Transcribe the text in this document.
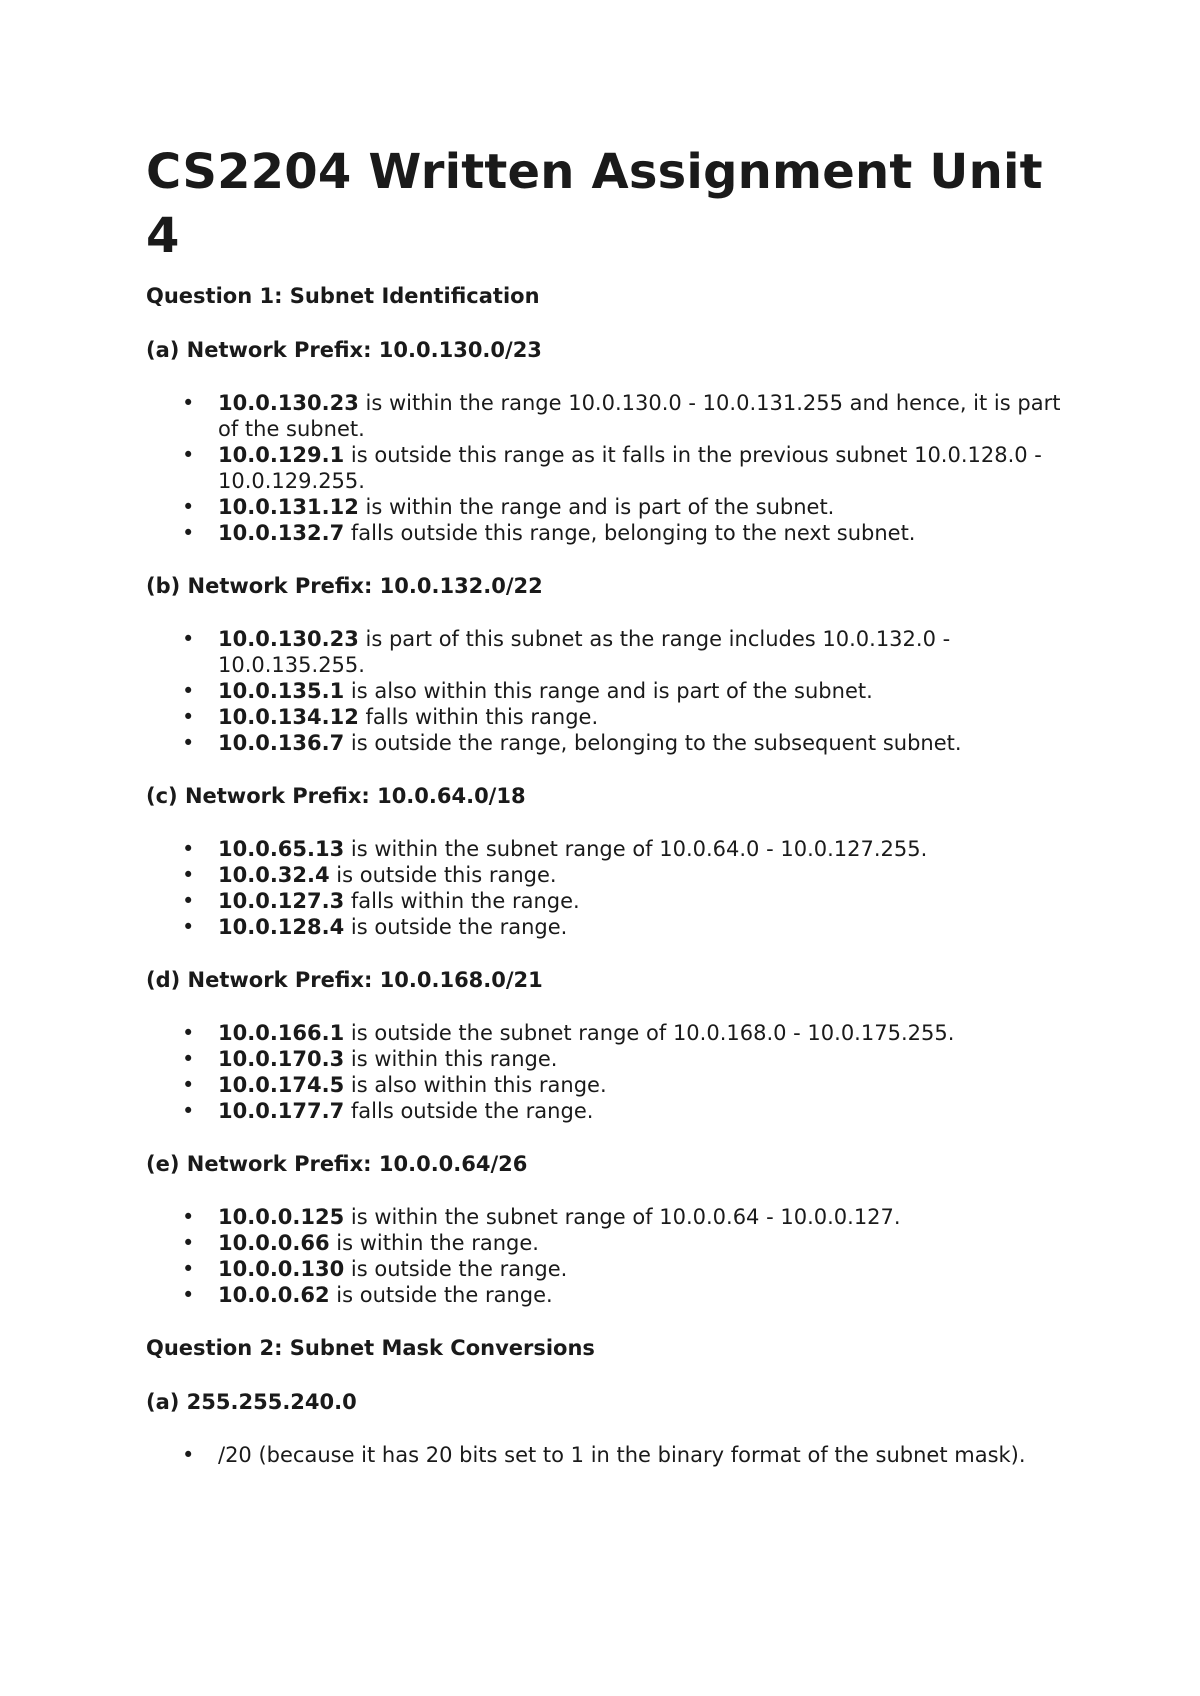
CS2204 Written Assignment Unit 4
Question 1: Subnet Identification
(a) Network Prefix: 10.0.130.0/23
• 10.0.130.23 is within the range 10.0.130.0 - 10.0.131.255 and hence, it is part of the subnet.
• 10.0.129.1 is outside this range as it falls in the previous subnet 10.0.128.0 - 10.0.129.255.
• 10.0.131.12 is within the range and is part of the subnet.
• 10.0.132.7 falls outside this range, belonging to the next subnet.
(b) Network Prefix: 10.0.132.0/22
• 10.0.130.23 is part of this subnet as the range includes 10.0.132.0 - 10.0.135.255.
• 10.0.135.1 is also within this range and is part of the subnet.
• 10.0.134.12 falls within this range.
• 10.0.136.7 is outside the range, belonging to the subsequent subnet.
(c) Network Prefix: 10.0.64.0/18
• 10.0.65.13 is within the subnet range of 10.0.64.0 - 10.0.127.255.
• 10.0.32.4 is outside this range.
• 10.0.127.3 falls within the range.
• 10.0.128.4 is outside the range.
(d) Network Prefix: 10.0.168.0/21
• 10.0.166.1 is outside the subnet range of 10.0.168.0 - 10.0.175.255.
• 10.0.170.3 is within this range.
• 10.0.174.5 is also within this range.
• 10.0.177.7 falls outside the range.
(e) Network Prefix: 10.0.0.64/26
• 10.0.0.125 is within the subnet range of 10.0.0.64 - 10.0.0.127.
• 10.0.0.66 is within the range.
• 10.0.0.130 is outside the range.
• 10.0.0.62 is outside the range.
Question 2: Subnet Mask Conversions
(a) 255.255.240.0
• /20 (because it has 20 bits set to 1 in the binary format of the subnet mask).
